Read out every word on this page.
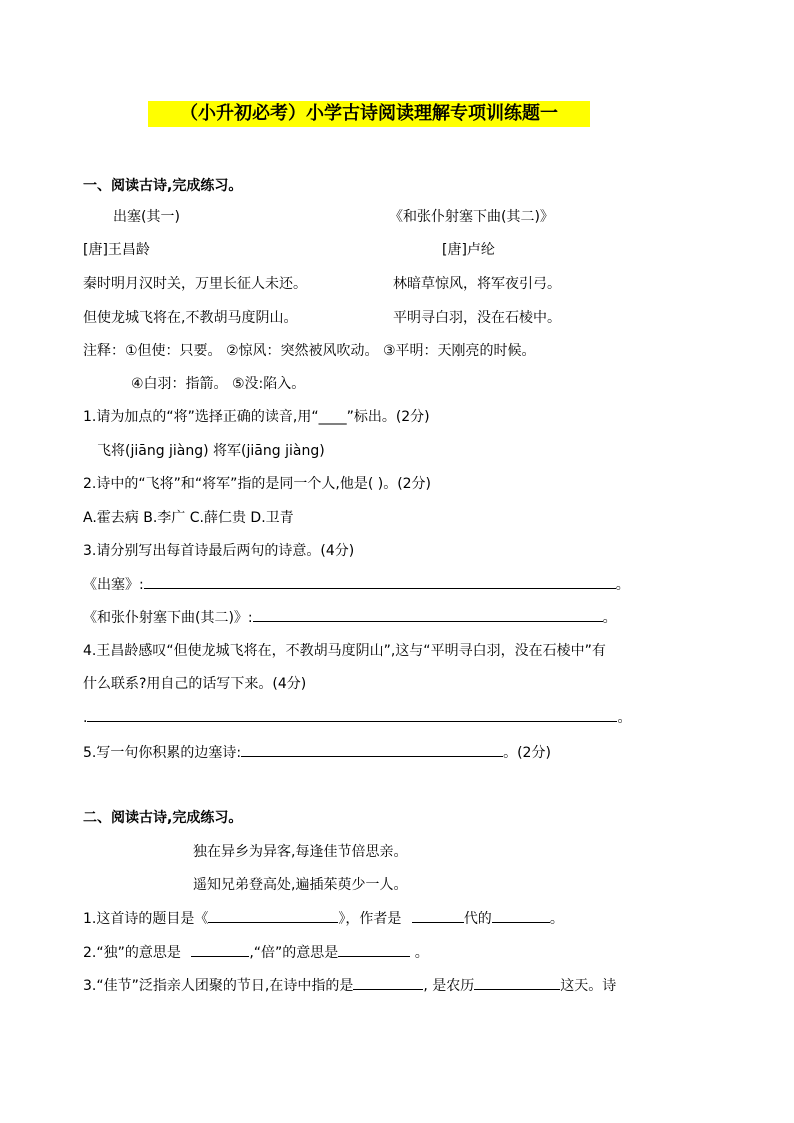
（小升初必考）小学古诗阅读理解专项训练题一
一、阅读古诗,完成练习。
出塞(其一)	《和张仆射塞下曲(其二)》
[唐]王昌龄	[唐]卢纶
秦时明月汉时关，万里长征人未还。	林暗草惊风，将军夜引弓。
但使龙城飞将在,不教胡马度阴山。	平明寻白羽，没在石棱中。
注释：①但使：只要。 ②惊风：突然被风吹动。 ③平明：天刚亮的时候。
④白羽：指箭。 ⑤没:陷入。
1.请为加点的“将”选择正确的读音,用“____”标出。(2分)
飞将(jiāng jiàng) 将军(jiāng jiàng)
2.诗中的“飞将”和“将军”指的是同一个人,他是( )。(2分)
A.霍去病 B.李广 C.薛仁贵 D.卫青
3.请分别写出每首诗最后两句的诗意。(4分)
《出塞》:	。
《和张仆射塞下曲(其二)》:	。
4.王昌龄感叹“但使龙城飞将在，不教胡马度阴山”,这与“平明寻白羽，没在石棱中”有
什么联系?用自己的话写下来。(4分)
.	。
5.写一句你积累的边塞诗:	。(2分)
二、阅读古诗,完成练习。
独在异乡为异客,每逢佳节倍思亲。
遥知兄弟登高处,遍插茱萸少一人。
1.这首诗的题目是《	》，作者是	代的	。
2.“独”的意思是	,“倍”的意思是	。
3.“佳节”泛指亲人团聚的节日,在诗中指的是	, 是农历	这天。诗
